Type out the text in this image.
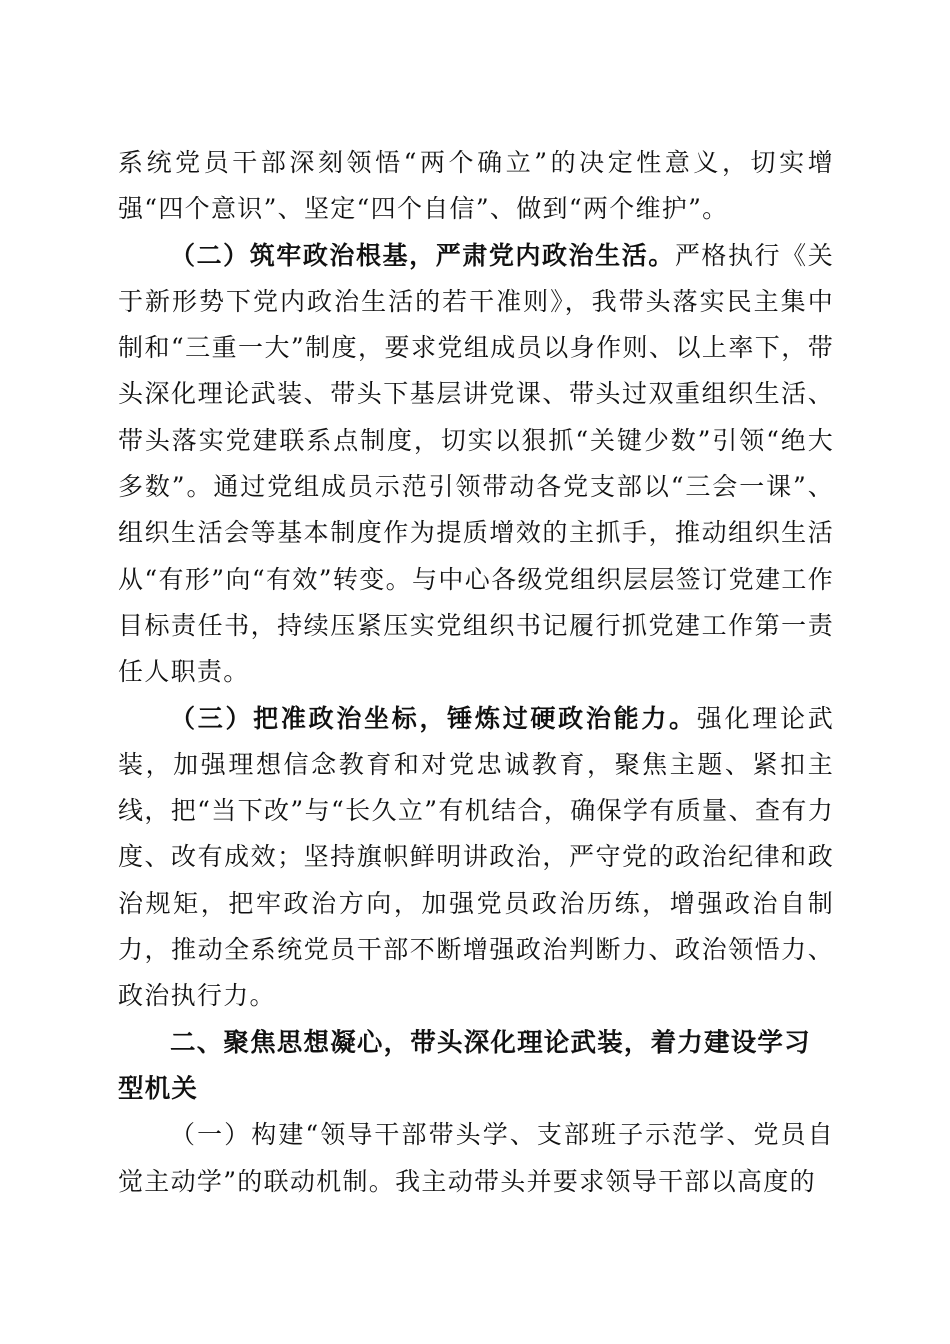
系统党员干部深刻领悟“两个确立”的决定性意义，切实增强“四个意识”、坚定“四个自信”、做到“两个维护”。

（二）筑牢政治根基，严肃党内政治生活。严格执行《关于新形势下党内政治生活的若干准则》，我带头落实民主集中制和“三重一大”制度，要求党组成员以身作则、以上率下，带头深化理论武装、带头下基层讲党课、带头过双重组织生活、带头落实党建联系点制度，切实以狠抓“关键少数”引领“绝大多数”。通过党组成员示范引领带动各党支部以“三会一课”、组织生活会等基本制度作为提质增效的主抓手，推动组织生活从“有形”向“有效”转变。与中心各级党组织层层签订党建工作目标责任书，持续压紧压实党组织书记履行抓党建工作第一责任人职责。

（三）把准政治坐标，锤炼过硬政治能力。强化理论武装，加强理想信念教育和对党忠诚教育，聚焦主题、紧扣主线，把“当下改”与“长久立”有机结合，确保学有质量、查有力度、改有成效；坚持旗帜鲜明讲政治，严守党的政治纪律和政治规矩，把牢政治方向，加强党员政治历练，增强政治自制力，推动全系统党员干部不断增强政治判断力、政治领悟力、政治执行力。

二、聚焦思想凝心，带头深化理论武装，着力建设学习型机关

（一）构建“领导干部带头学、支部班子示范学、党员自觉主动学”的联动机制。我主动带头并要求领导干部以高度的
